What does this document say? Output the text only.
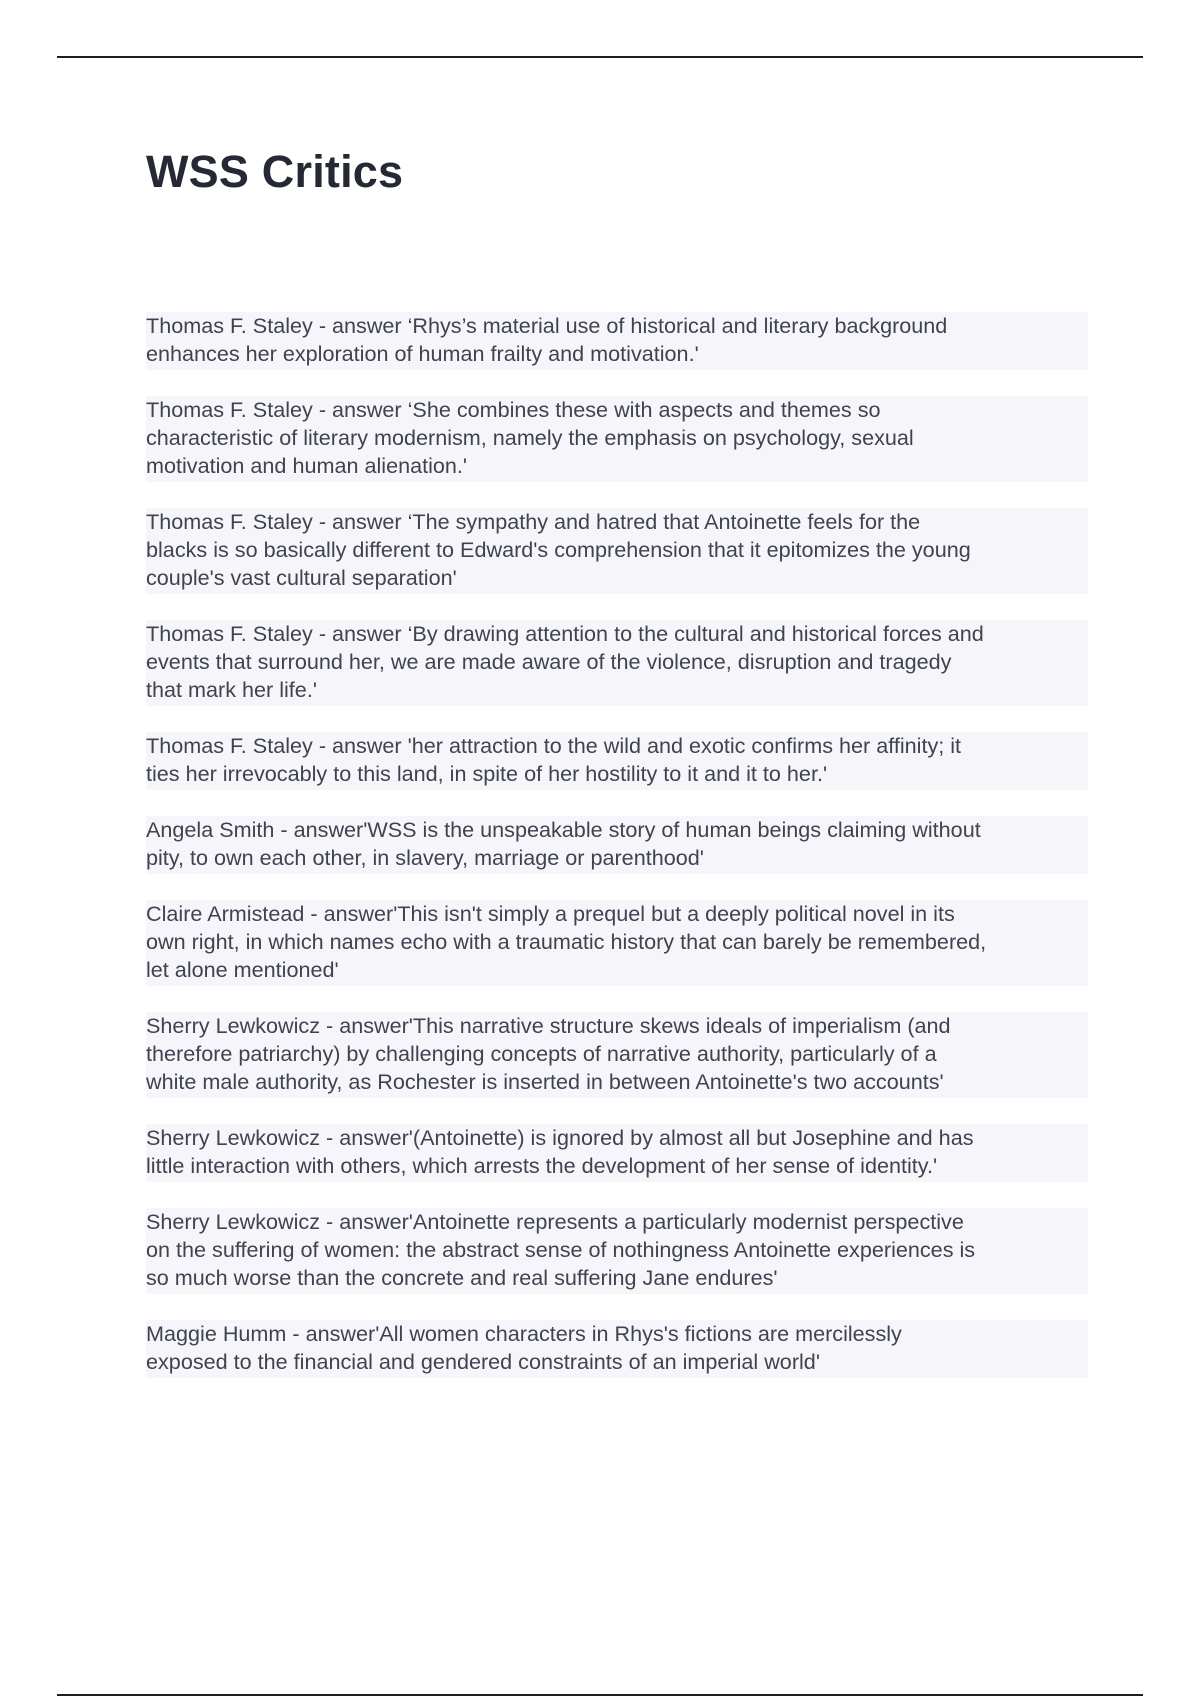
WSS Critics
Thomas F. Staley - answer ‘Rhys’s material use of historical and literary background
enhances her exploration of human frailty and motivation.'
Thomas F. Staley - answer ‘She combines these with aspects and themes so
characteristic of literary modernism, namely the emphasis on psychology, sexual
motivation and human alienation.'
Thomas F. Staley - answer ‘The sympathy and hatred that Antoinette feels for the
blacks is so basically different to Edward's comprehension that it epitomizes the young
couple's vast cultural separation'
Thomas F. Staley - answer ‘By drawing attention to the cultural and historical forces and
events that surround her, we are made aware of the violence, disruption and tragedy
that mark her life.'
Thomas F. Staley - answer 'her attraction to the wild and exotic confirms her affinity; it
ties her irrevocably to this land, in spite of her hostility to it and it to her.'
Angela Smith - answer'WSS is the unspeakable story of human beings claiming without
pity, to own each other, in slavery, marriage or parenthood'
Claire Armistead - answer'This isn't simply a prequel but a deeply political novel in its
own right, in which names echo with a traumatic history that can barely be remembered,
let alone mentioned'
Sherry Lewkowicz - answer'This narrative structure skews ideals of imperialism (and
therefore patriarchy) by challenging concepts of narrative authority, particularly of a
white male authority, as Rochester is inserted in between Antoinette's two accounts'
Sherry Lewkowicz - answer'(Antoinette) is ignored by almost all but Josephine and has
little interaction with others, which arrests the development of her sense of identity.'
Sherry Lewkowicz - answer'Antoinette represents a particularly modernist perspective
on the suffering of women: the abstract sense of nothingness Antoinette experiences is
so much worse than the concrete and real suffering Jane endures'
Maggie Humm - answer'All women characters in Rhys's fictions are mercilessly
exposed to the financial and gendered constraints of an imperial world'
